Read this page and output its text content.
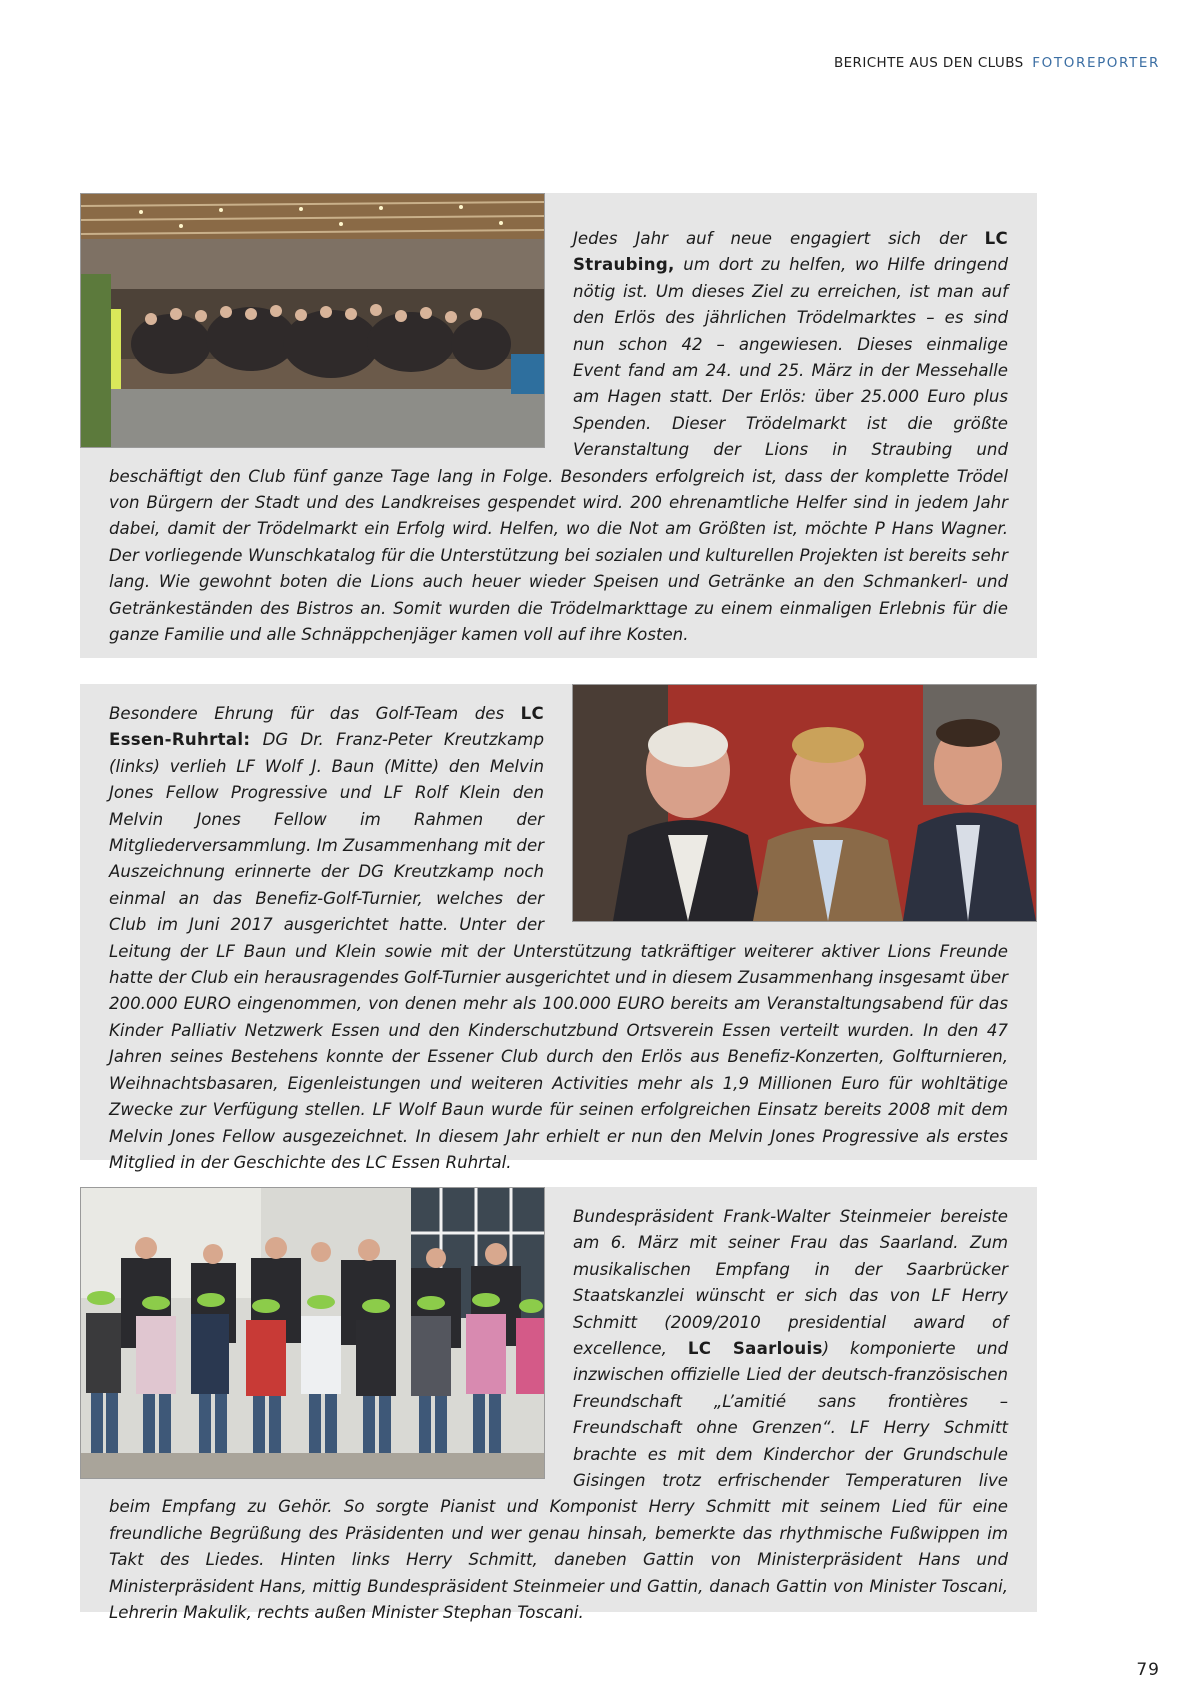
BERICHTE AUS DEN CLUBS FOTOREPORTER

Jedes Jahr auf neue engagiert sich der LC Straubing, um dort zu helfen, wo Hilfe dringend nötig ist. Um dieses Ziel zu erreichen, ist man auf den Erlös des jährlichen Trödelmarktes – es sind nun schon 42 – angewiesen. Dieses einmalige Event fand am 24. und 25. März in der Messehalle am Hagen statt. Der Erlös: über 25.000 Euro plus Spenden. Dieser Trödelmarkt ist die größte Veranstaltung der Lions in Straubing und beschäftigt den Club fünf ganze Tage lang in Folge. Besonders erfolgreich ist, dass der komplette Trödel von Bürgern der Stadt und des Landkreises gespendet wird. 200 ehrenamtliche Helfer sind in jedem Jahr dabei, damit der Trödelmarkt ein Erfolg wird. Helfen, wo die Not am Größten ist, möchte P Hans Wagner. Der vorliegende Wunschkatalog für die Unterstützung bei sozialen und kulturellen Projekten ist bereits sehr lang. Wie gewohnt boten die Lions auch heuer wieder Speisen und Getränke an den Schmankerl- und Getränkeständen des Bistros an. Somit wurden die Trödelmarkttage zu einem einmaligen Erlebnis für die ganze Familie und alle Schnäppchenjäger kamen voll auf ihre Kosten.

Besondere Ehrung für das Golf-Team des LC Essen-Ruhrtal: DG Dr. Franz-Peter Kreutzkamp (links) verlieh LF Wolf J. Baun (Mitte) den Melvin Jones Fellow Progressive und LF Rolf Klein den Melvin Jones Fellow im Rahmen der Mitgliederversammlung. Im Zusammenhang mit der Auszeichnung erinnerte der DG Kreutzkamp noch einmal an das Benefiz-Golf-Turnier, welches der Club im Juni 2017 ausgerichtet hatte. Unter der Leitung der LF Baun und Klein sowie mit der Unterstützung tatkräftiger weiterer aktiver Lions Freunde hatte der Club ein herausragendes Golf-Turnier ausgerichtet und in diesem Zusammenhang insgesamt über 200.000 EURO eingenommen, von denen mehr als 100.000 EURO bereits am Veranstaltungsabend für das Kinder Palliativ Netzwerk Essen und den Kinderschutzbund Ortsverein Essen verteilt wurden. In den 47 Jahren seines Bestehens konnte der Essener Club durch den Erlös aus Benefiz-Konzerten, Golfturnieren, Weihnachtsbasaren, Eigenleistungen und weiteren Activities mehr als 1,9 Millionen Euro für wohltätige Zwecke zur Verfügung stellen. LF Wolf Baun wurde für seinen erfolgreichen Einsatz bereits 2008 mit dem Melvin Jones Fellow ausgezeichnet. In diesem Jahr erhielt er nun den Melvin Jones Progressive als erstes Mitglied in der Geschichte des LC Essen Ruhrtal.

Bundespräsident Frank-Walter Steinmeier bereiste am 6. März mit seiner Frau das Saarland. Zum musikalischen Empfang in der Saarbrücker Staatskanzlei wünscht er sich das von LF Herry Schmitt (2009/2010 presidential award of excellence, LC Saarlouis) komponierte und inzwischen offizielle Lied der deutsch-französischen Freundschaft „L’amitié sans frontières – Freundschaft ohne Grenzen“. LF Herry Schmitt brachte es mit dem Kinderchor der Grundschule Gisingen trotz erfrischender Temperaturen live beim Empfang zu Gehör. So sorgte Pianist und Komponist Herry Schmitt mit seinem Lied für eine freundliche Begrüßung des Präsidenten und wer genau hinsah, bemerkte das rhythmische Fußwippen im Takt des Liedes. Hinten links Herry Schmitt, daneben Gattin von Ministerpräsident Hans und Ministerpräsident Hans, mittig Bundespräsident Steinmeier und Gattin, danach Gattin von Minister Toscani, Lehrerin Makulik, rechts außen Minister Stephan Toscani.

79
